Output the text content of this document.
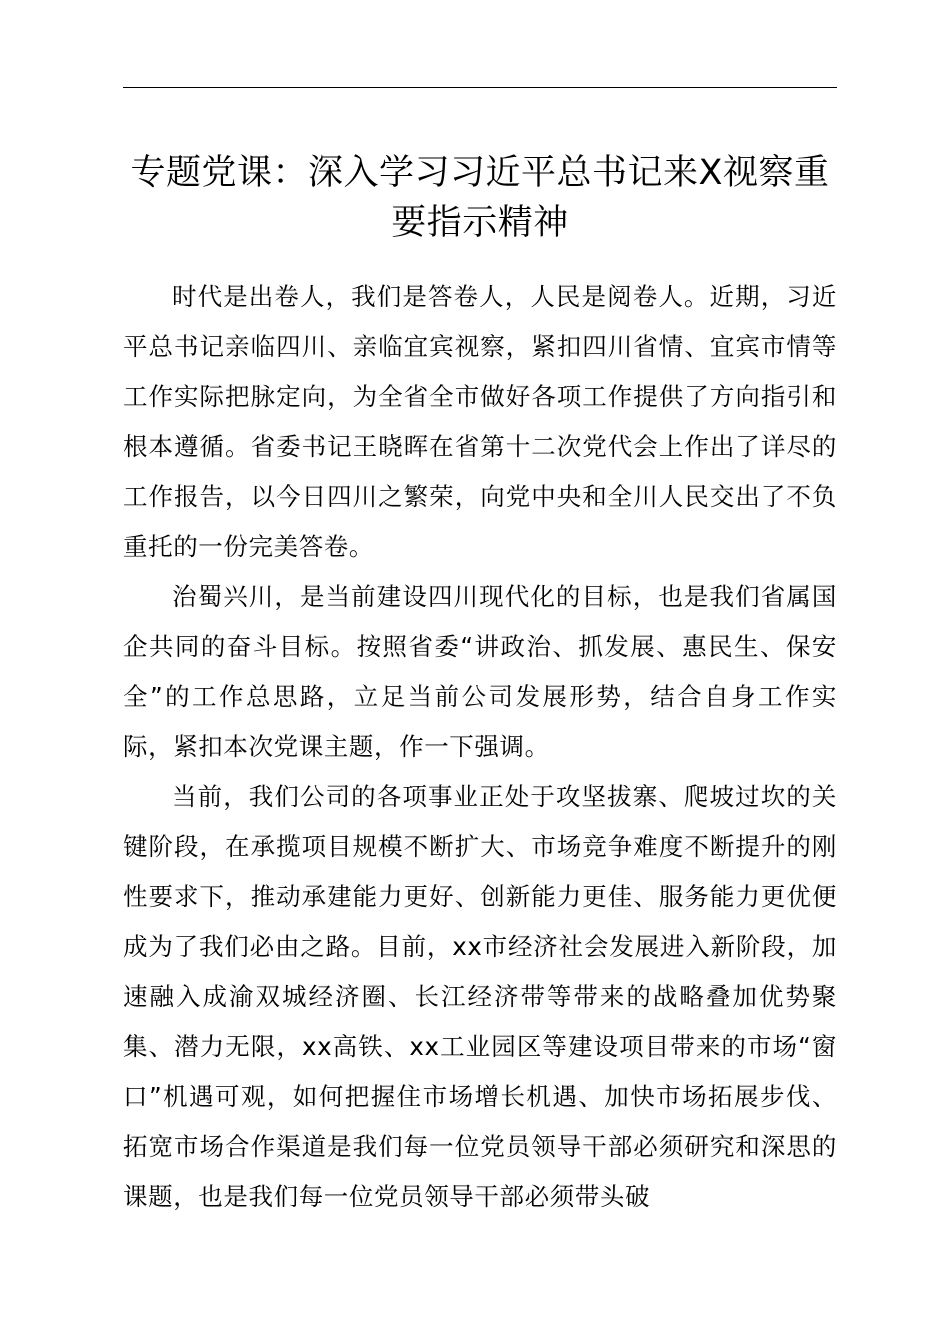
专题党课：深入学习习近平总书记来X视察重
要指示精神

时代是出卷人，我们是答卷人，人民是阅卷人。近期，习近平总书记亲临四川、亲临宜宾视察，紧扣四川省情、宜宾市情等工作实际把脉定向，为全省全市做好各项工作提供了方向指引和根本遵循。省委书记王晓晖在省第十二次党代会上作出了详尽的工作报告，以今日四川之繁荣，向党中央和全川人民交出了不负重托的一份完美答卷。

治蜀兴川，是当前建设四川现代化的目标，也是我们省属国企共同的奋斗目标。按照省委“讲政治、抓发展、惠民生、保安全”的工作总思路，立足当前公司发展形势，结合自身工作实际，紧扣本次党课主题，作一下强调。

当前，我们公司的各项事业正处于攻坚拔寨、爬坡过坎的关键阶段，在承揽项目规模不断扩大、市场竞争难度不断提升的刚性要求下，推动承建能力更好、创新能力更佳、服务能力更优便成为了我们必由之路。目前，xx市经济社会发展进入新阶段，加速融入成渝双城经济圈、长江经济带等带来的战略叠加优势聚集、潜力无限，xx高铁、xx工业园区等建设项目带来的市场“窗口”机遇可观，如何把握住市场增长机遇、加快市场拓展步伐、拓宽市场合作渠道是我们每一位党员领导干部必须研究和深思的课题，也是我们每一位党员领导干部必须带头破
